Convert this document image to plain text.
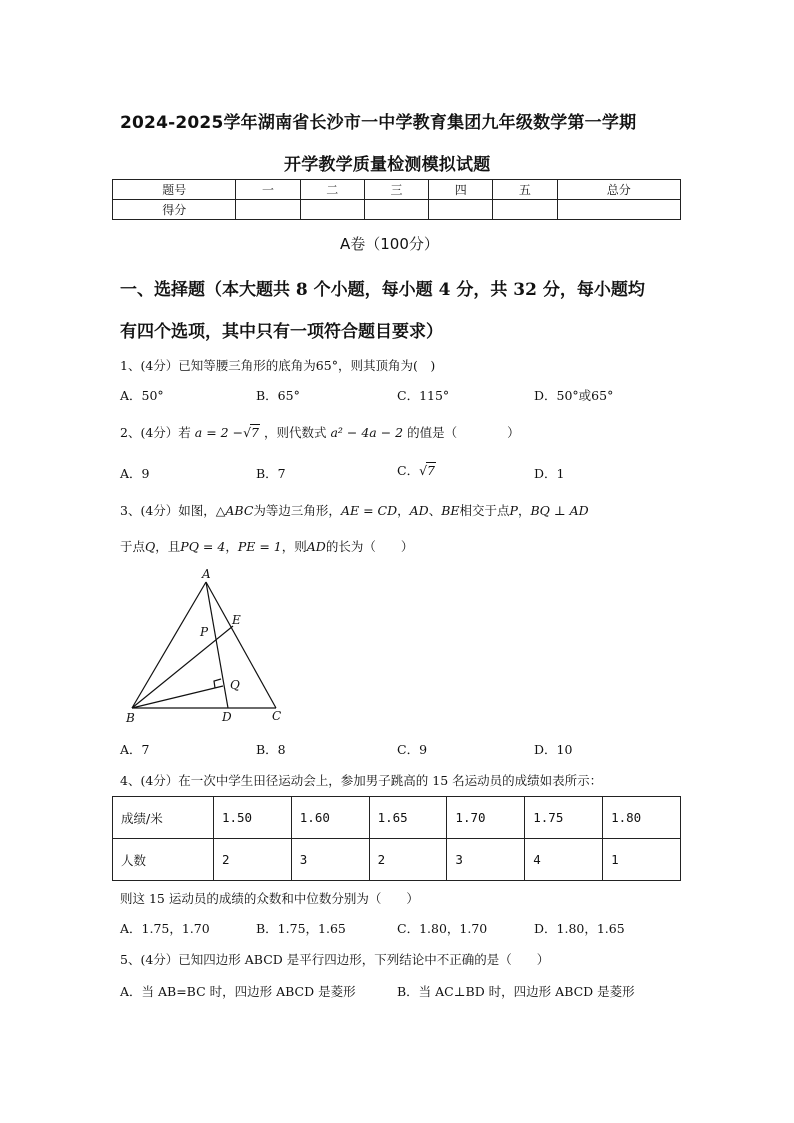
2024-2025学年湖南省长沙市一中学教育集团九年级数学第一学期
开学教学质量检测模拟试题
题号	一	二	三	四	五	总分
得分						
A卷（100分）
一、选择题（本大题共 8 个小题，每小题 4 分，共 32 分，每小题均
有四个选项，其中只有一项符合题目要求）
1、(4分）已知等腰三角形的底角为65°，则其顶角为(　)
A．50°	B．65°	C．115°	D．50°或65°
2、(4分）若 a = 2 −√7 ，则代数式 a² − 4a − 2 的值是（　　　　）
A．9	B．7	C．√7	D．1
3、(4分）如图，△ABC为等边三角形，AE = CD，AD、BE相交于点P，BQ ⊥ AD
于点Q，且PQ = 4，PE = 1，则AD的长为（　　）
A
B	C
D
E
P
Q
A．7	B．8	C．9	D．10
4、(4分）在一次中学生田径运动会上，参加男子跳高的 15 名运动员的成绩如表所示：
成绩/米	1.50	1.60	1.65	1.70	1.75	1.80
人数	2	3	2	3	4	1
则这 15 运动员的成绩的众数和中位数分别为（　　）
A．1.75，1.70	B．1.75，1.65	C．1.80，1.70	D．1.80，1.65
5、(4分）已知四边形 ABCD 是平行四边形，下列结论中不正确的是（　　）
A．当 AB=BC 时，四边形 ABCD 是菱形	B．当 AC⊥BD 时，四边形 ABCD 是菱形
